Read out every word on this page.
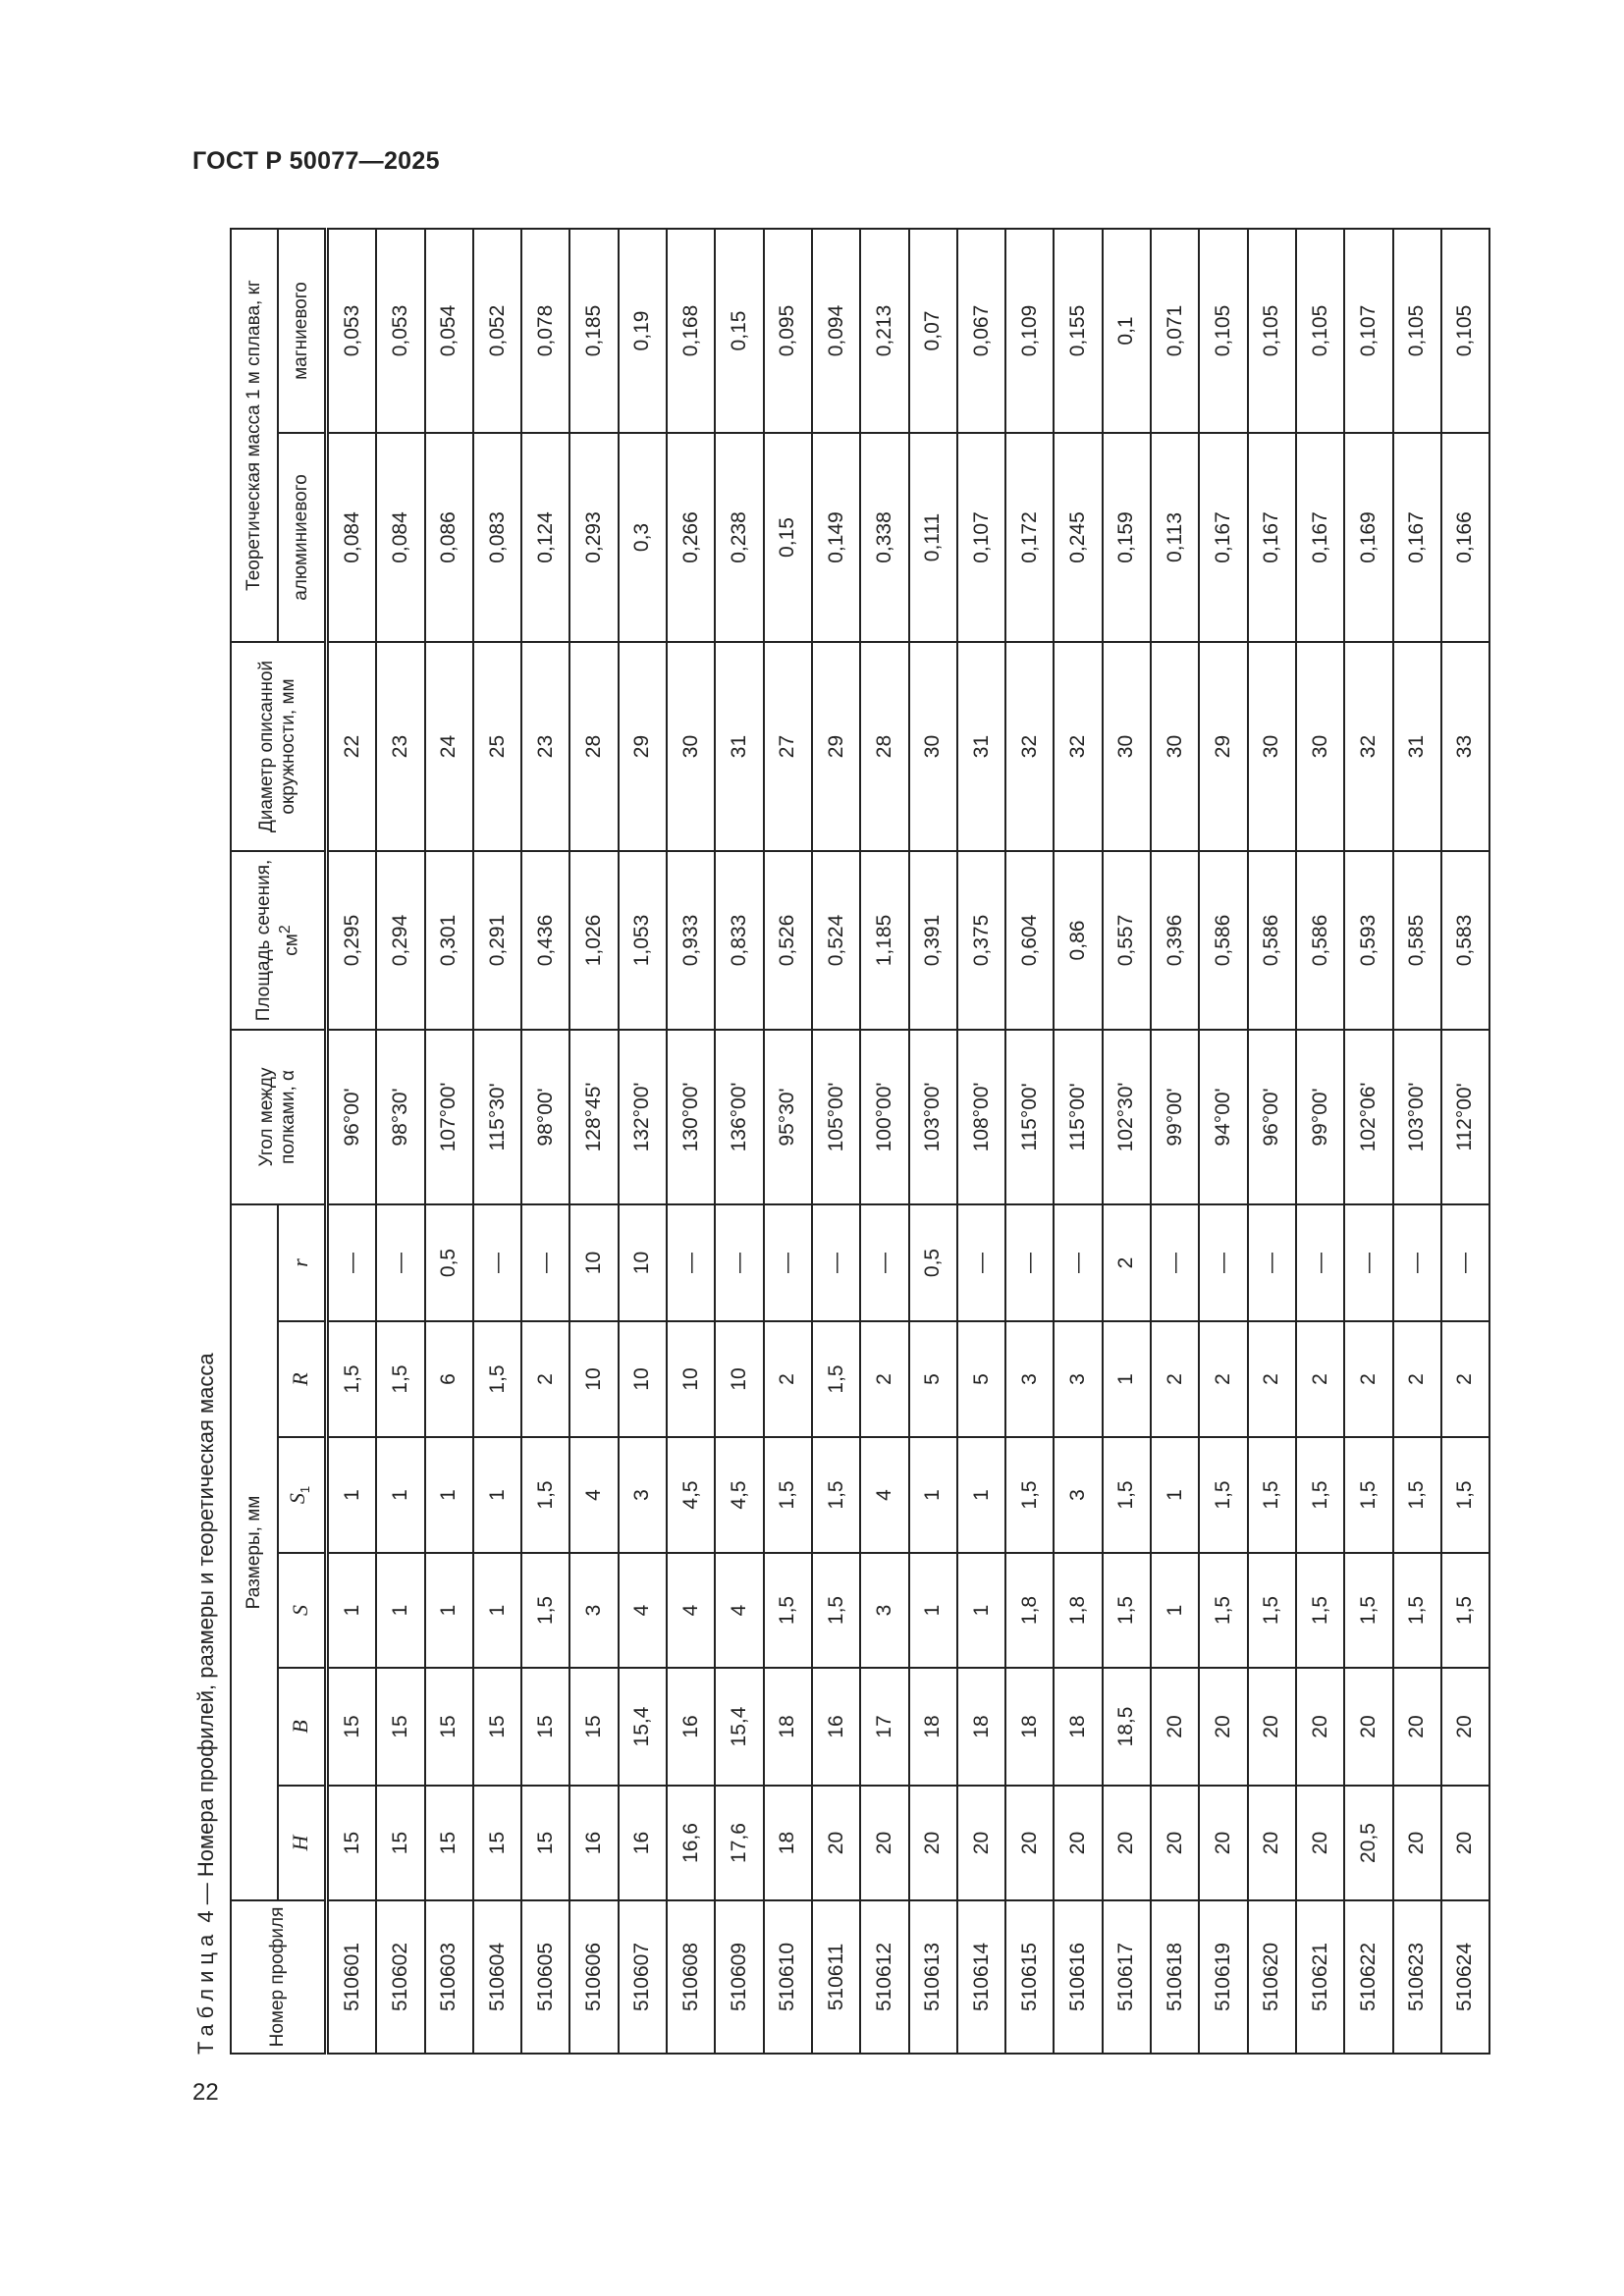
ГОСТ Р 50077—2025
Таблица 4 — Номера профилей, размеры и теоретическая масса
Номер профиля	Размеры, мм						Угол между полками, α	Площадь сечения, $см^2$	Диаметр описанной окружности, мм	Теоретическая масса 1 м сплава, кг	
	H	B	S	$S_1$	R	r				алюминиевого	магниевого
510601	15	15	1	1	1,5	—	96°00'	0,295	22	0,084	0,053
510602	15	15	1	1	1,5	—	98°30'	0,294	23	0,084	0,053
510603	15	15	1	1	6	0,5	107°00'	0,301	24	0,086	0,054
510604	15	15	1	1	1,5	—	115°30'	0,291	25	0,083	0,052
510605	15	15	1,5	1,5	2	—	98°00'	0,436	23	0,124	0,078
510606	16	15	3	4	10	10	128°45'	1,026	28	0,293	0,185
510607	16	15,4	4	3	10	10	132°00'	1,053	29	0,3	0,19
510608	16,6	16	4	4,5	10	—	130°00'	0,933	30	0,266	0,168
510609	17,6	15,4	4	4,5	10	—	136°00'	0,833	31	0,238	0,15
510610	18	18	1,5	1,5	2	—	95°30'	0,526	27	0,15	0,095
510611	20	16	1,5	1,5	1,5	—	105°00'	0,524	29	0,149	0,094
510612	20	17	3	4	2	—	100°00'	1,185	28	0,338	0,213
510613	20	18	1	1	5	0,5	103°00'	0,391	30	0,111	0,07
510614	20	18	1	1	5	—	108°00'	0,375	31	0,107	0,067
510615	20	18	1,8	1,5	3	—	115°00'	0,604	32	0,172	0,109
510616	20	18	1,8	3	3	—	115°00'	0,86	32	0,245	0,155
510617	20	18,5	1,5	1,5	1	2	102°30'	0,557	30	0,159	0,1
510618	20	20	1	1	2	—	99°00'	0,396	30	0,113	0,071
510619	20	20	1,5	1,5	2	—	94°00'	0,586	29	0,167	0,105
510620	20	20	1,5	1,5	2	—	96°00'	0,586	30	0,167	0,105
510621	20	20	1,5	1,5	2	—	99°00'	0,586	30	0,167	0,105
510622	20,5	20	1,5	1,5	2	—	102°06'	0,593	32	0,169	0,107
510623	20	20	1,5	1,5	2	—	103°00'	0,585	31	0,167	0,105
510624	20	20	1,5	1,5	2	—	112°00'	0,583	33	0,166	0,105
22
